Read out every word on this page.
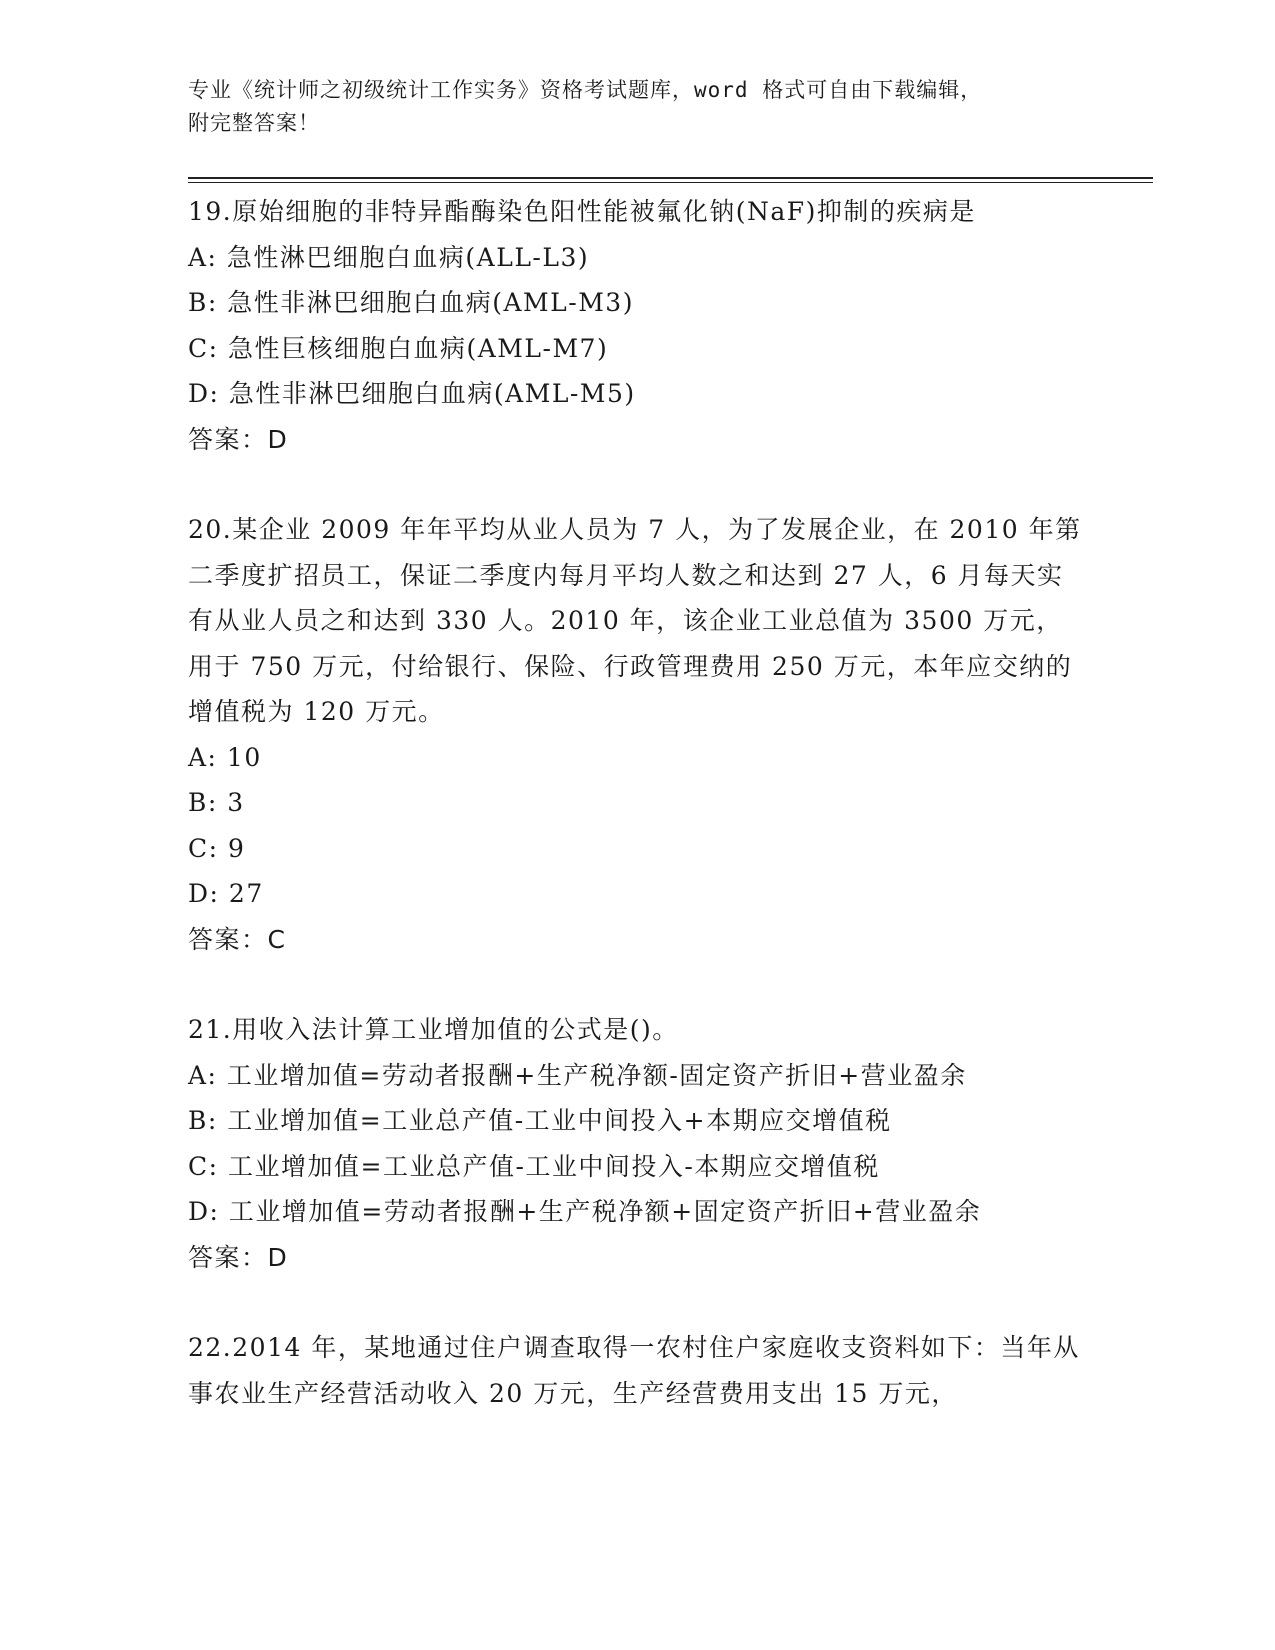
专业《统计师之初级统计工作实务》资格考试题库，word 格式可自由下载编辑，
附完整答案！

19.原始细胞的非特异酯酶染色阳性能被氟化钠(NaF)抑制的疾病是

A: 急性淋巴细胞白血病(ALL-L3)

B: 急性非淋巴细胞白血病(AML-M3)

C: 急性巨核细胞白血病(AML-M7)

D: 急性非淋巴细胞白血病(AML-M5)

答案：D

20.某企业 2009 年年平均从业人员为 7 人，为了发展企业，在 2010 年第二季度扩招员工，保证二季度内每月平均人数之和达到 27 人，6 月每天实有从业人员之和达到 330 人。2010 年，该企业工业总值为 3500 万元，用于 750 万元，付给银行、保险、行政管理费用 250 万元，本年应交纳的增值税为 120 万元。

A: 10

B: 3

C: 9

D: 27

答案：C

21.用收入法计算工业增加值的公式是()。

A: 工业增加值=劳动者报酬+生产税净额-固定资产折旧+营业盈余

B: 工业增加值=工业总产值-工业中间投入+本期应交增值税

C: 工业增加值=工业总产值-工业中间投入-本期应交增值税

D: 工业增加值=劳动者报酬+生产税净额+固定资产折旧+营业盈余

答案：D

22.2014 年，某地通过住户调查取得一农村住户家庭收支资料如下：当年从事农业生产经营活动收入 20 万元，生产经营费用支出 15 万元，
